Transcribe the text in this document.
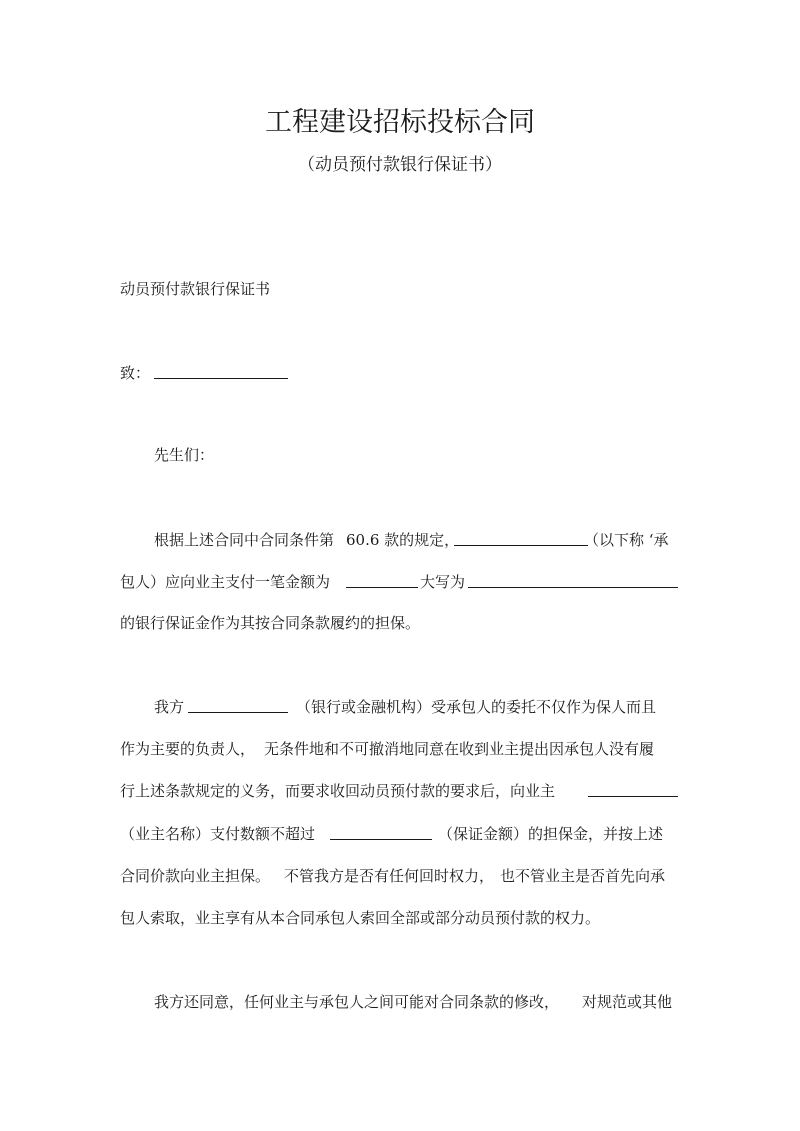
工程建设招标投标合同
（动员预付款银行保证书）
动员预付款银行保证书
致：
先生们：
根据上述合同中合同条件第 60.6 款的规定，	（以下称 ‘承
包人）应向业主支付一笔金额为	大写为
的银行保证金作为其按合同条款履约的担保。
我方	（银行或金融机构）受承包人的委托不仅作为保人而且
作为主要的负责人， 无条件地和不可撤消地同意在收到业主提出因承包人没有履
行上述条款规定的义务，而要求收回动员预付款的要求后，向业主
（业主名称）支付数额不超过	（保证金额）的担保金，并按上述
合同价款向业主担保。 不管我方是否有任何回时权力， 也不管业主是否首先向承
包人索取，业主享有从本合同承包人索回全部或部分动员预付款的权力。
我方还同意，任何业主与承包人之间可能对合同条款的修改， 对规范或其他
